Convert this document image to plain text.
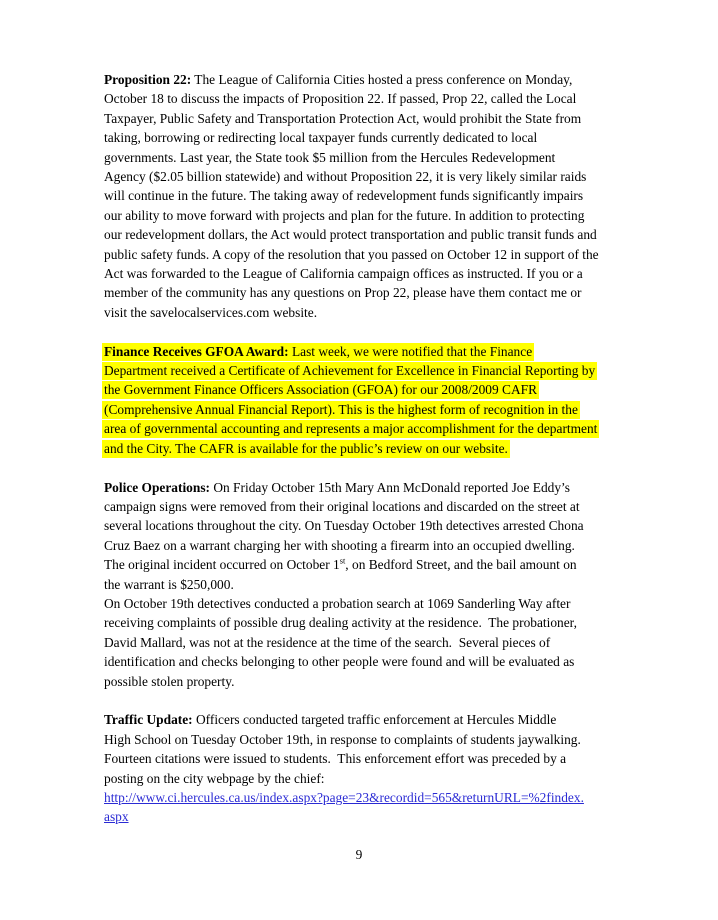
Proposition 22: The League of California Cities hosted a press conference on Monday,
October 18 to discuss the impacts of Proposition 22. If passed, Prop 22, called the Local
Taxpayer, Public Safety and Transportation Protection Act, would prohibit the State from
taking, borrowing or redirecting local taxpayer funds currently dedicated to local
governments. Last year, the State took $5 million from the Hercules Redevelopment
Agency ($2.05 billion statewide) and without Proposition 22, it is very likely similar raids
will continue in the future. The taking away of redevelopment funds significantly impairs
our ability to move forward with projects and plan for the future. In addition to protecting
our redevelopment dollars, the Act would protect transportation and public transit funds and
public safety funds. A copy of the resolution that you passed on October 12 in support of the
Act was forwarded to the League of California campaign offices as instructed. If you or a
member of the community has any questions on Prop 22, please have them contact me or
visit the savelocalservices.com website.
Finance Receives GFOA Award: Last week, we were notified that the Finance
Department received a Certificate of Achievement for Excellence in Financial Reporting by
the Government Finance Officers Association (GFOA) for our 2008/2009 CAFR
(Comprehensive Annual Financial Report). This is the highest form of recognition in the
area of governmental accounting and represents a major accomplishment for the department
and the City. The CAFR is available for the public’s review on our website.
Police Operations: On Friday October 15th Mary Ann McDonald reported Joe Eddy’s
campaign signs were removed from their original locations and discarded on the street at
several locations throughout the city. On Tuesday October 19th detectives arrested Chona
Cruz Baez on a warrant charging her with shooting a firearm into an occupied dwelling.
The original incident occurred on October 1st, on Bedford Street, and the bail amount on
the warrant is $250,000.
On October 19th detectives conducted a probation search at 1069 Sanderling Way after
receiving complaints of possible drug dealing activity at the residence.  The probationer,
David Mallard, was not at the residence at the time of the search.  Several pieces of
identification and checks belonging to other people were found and will be evaluated as
possible stolen property.
Traffic Update: Officers conducted targeted traffic enforcement at Hercules Middle
High School on Tuesday October 19th, in response to complaints of students jaywalking.
Fourteen citations were issued to students.  This enforcement effort was preceded by a
posting on the city webpage by the chief:
http://www.ci.hercules.ca.us/index.aspx?page=23&recordid=565&returnURL=%2findex.
aspx
9
